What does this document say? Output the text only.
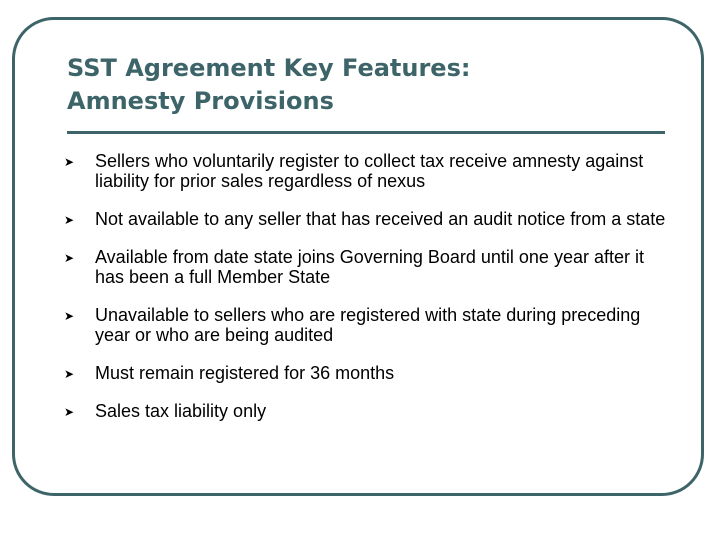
SST Agreement Key Features:
Amnesty Provisions
➤ Sellers who voluntarily register to collect tax receive amnesty against liability for prior sales regardless of nexus
➤ Not available to any seller that has received an audit notice from a state
➤ Available from date state joins Governing Board until one year after it has been a full Member State
➤ Unavailable to sellers who are registered with state during preceding year or who are being audited
➤ Must remain registered for 36 months
➤ Sales tax liability only
